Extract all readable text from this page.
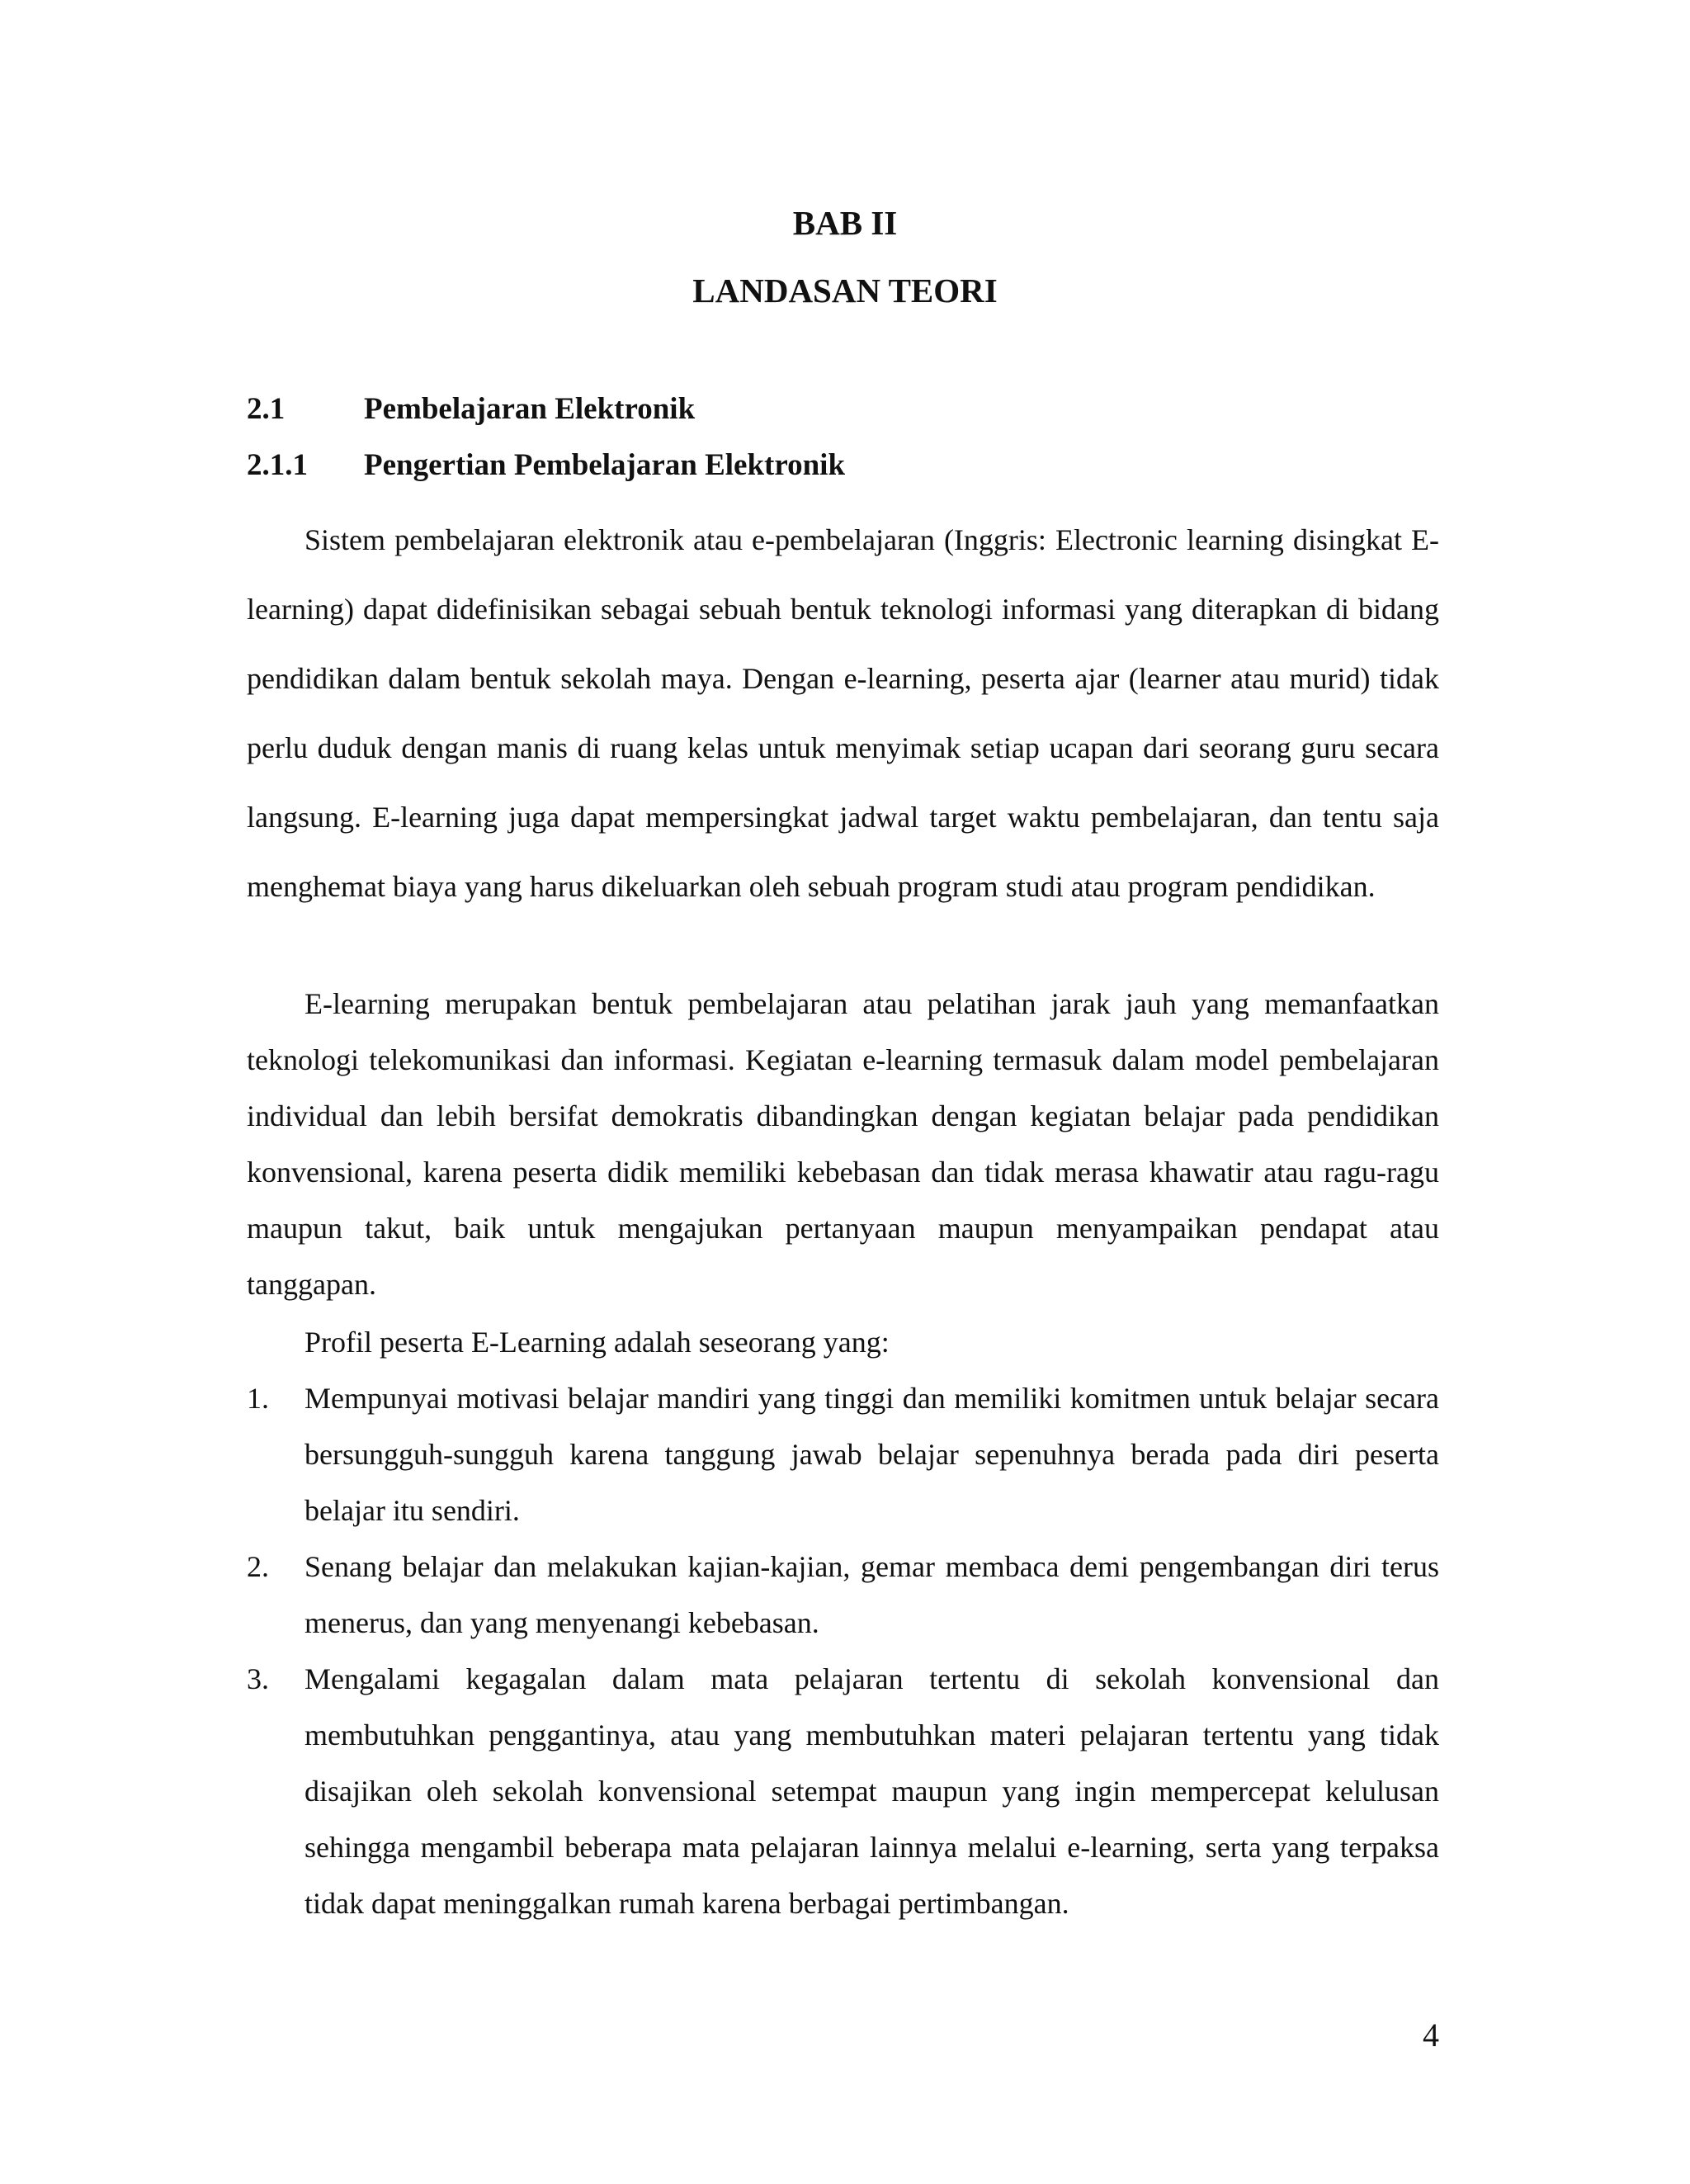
BAB II
LANDASAN TEORI
2.1	Pembelajaran Elektronik
2.1.1 Pengertian Pembelajaran Elektronik

Sistem pembelajaran elektronik atau e-pembelajaran (Inggris: Electronic learning disingkat E-learning) dapat didefinisikan sebagai sebuah bentuk teknologi informasi yang diterapkan di bidang pendidikan dalam bentuk sekolah maya. Dengan e-learning, peserta ajar (learner atau murid) tidak perlu duduk dengan manis di ruang kelas untuk menyimak setiap ucapan dari seorang guru secara langsung. E-learning juga dapat mempersingkat jadwal target waktu pembelajaran, dan tentu saja menghemat biaya yang harus dikeluarkan oleh sebuah program studi atau program pendidikan.

E-learning merupakan bentuk pembelajaran atau pelatihan jarak jauh yang memanfaatkan teknologi telekomunikasi dan informasi. Kegiatan e-learning termasuk dalam model pembelajaran individual dan lebih bersifat demokratis dibandingkan dengan kegiatan belajar pada pendidikan konvensional, karena peserta didik memiliki kebebasan dan tidak merasa khawatir atau ragu-ragu maupun takut, baik untuk mengajukan pertanyaan maupun menyampaikan pendapat atau tanggapan.

Profil peserta E-Learning adalah seseorang yang:

1. Mempunyai motivasi belajar mandiri yang tinggi dan memiliki komitmen untuk belajar secara bersungguh-sungguh karena tanggung jawab belajar sepenuhnya berada pada diri peserta belajar itu sendiri.
2. Senang belajar dan melakukan kajian-kajian, gemar membaca demi pengembangan diri terus menerus, dan yang menyenangi kebebasan.
3. Mengalami kegagalan dalam mata pelajaran tertentu di sekolah konvensional dan membutuhkan penggantinya, atau yang membutuhkan materi pelajaran tertentu yang tidak disajikan oleh sekolah konvensional setempat maupun yang ingin mempercepat kelulusan sehingga mengambil beberapa mata pelajaran lainnya melalui e-learning, serta yang terpaksa tidak dapat meninggalkan rumah karena berbagai pertimbangan.
4
